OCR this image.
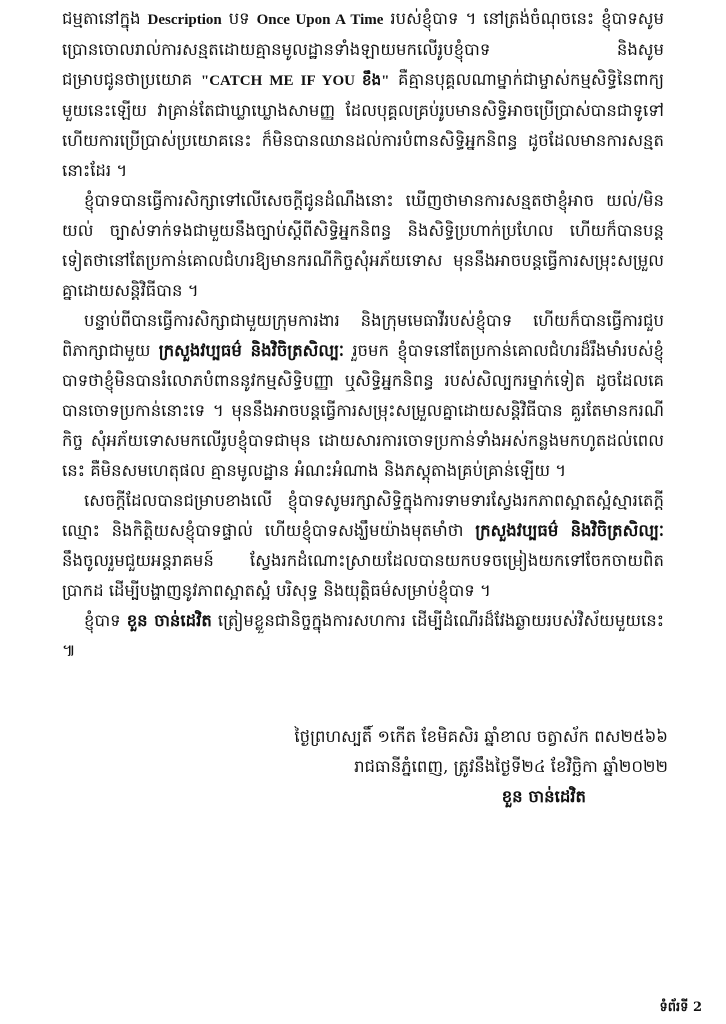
ជម្មតានៅក្នុង Description បទ Once Upon A Time របស់ខ្ញុំបាទ ។ នៅត្រង់ចំណុចនេះ ខ្ញុំបាទសូមប្រោនចោលរាល់ការសន្មតដោយគ្មានមូលដ្ឋានទាំងឡាយមកលើរូបខ្ញុំបាទ និងសូមជម្រាបជូនថាប្រយោគ "CATCH ME IF YOU ខឹង" គឺគ្មានបុគ្គលណាម្នាក់ជាម្ចាស់កម្មសិទ្ធិនៃពាក្យមួយនេះឡើយ វាគ្រាន់តែជាឃ្លាឃ្លោងសាមញ្ញ ដែលបុគ្គលគ្រប់រូបមានសិទ្ធិអាចប្រើប្រាស់បានជាទូទៅ ហើយការប្រើប្រាស់ប្រយោគនេះ ក៏មិនបានឈានដល់ការបំពានសិទ្ធិអ្នកនិពន្ធ ដូចដែលមានការសន្មតនោះដែរ ។

ខ្ញុំបាទបានធ្វើការសិក្សាទៅលើសេចក្តីជូនដំណឹងនោះ ឃើញថាមានការសន្មតថាខ្ញុំអាច យល់/មិនយល់ ច្បាស់ទាក់ទងជាមួយនឹងច្បាប់ស្តីពីសិទ្ធិអ្នកនិពន្ធ និងសិទ្ធិប្រហាក់ប្រហែល ហើយក៏បានបន្តទៀតថានៅតែប្រកាន់គោលជំហរឱ្យមានករណីកិច្ចសុំអភ័យទោស មុននឹងអាចបន្តធ្វើការសម្រុះសម្រួលគ្នាដោយសន្តិវិធីបាន ។

បន្ទាប់ពីបានធ្វើការសិក្សាជាមួយក្រុមការងារ និងក្រុមមេធាវីរបស់ខ្ញុំបាទ ហើយក៏បានធ្វើការជួបពិភាក្សាជាមួយ ក្រសួងវប្បធម៌ និងវិចិត្រសិល្បៈ រួចមក ខ្ញុំបាទនៅតែប្រកាន់គោលជំហរដ៏រឹងមាំរបស់ខ្ញុំបាទថាខ្ញុំមិនបានរំលោភបំពាននូវកម្មសិទ្ធិបញ្ញា ឬសិទ្ធិអ្នកនិពន្ធ របស់សិល្បករម្នាក់ទៀត ដូចដែលគេបានចោទប្រកាន់នោះទេ ។ មុននឹងអាចបន្តធ្វើការសម្រុះសម្រួលគ្នាដោយសន្តិវិធីបាន គួរតែមានករណីកិច្ច សុំអភ័យទោសមកលើរូបខ្ញុំបាទជាមុន ដោយសារការចោទប្រកាន់ទាំងអស់កន្លងមកហូតដល់ពេលនេះ គឺមិនសមហេតុផល គ្មានមូលដ្ឋាន អំណះអំណាង និងភស្តុតាងគ្រប់គ្រាន់ឡើយ ។

សេចក្តីដែលបានជម្រាបខាងលើ ខ្ញុំបាទសូមរក្សាសិទ្ធិក្នុងការទាមទារស្វែងរកភាពស្អាតស្អំស្មារតេក្តីឈ្មោះ និងកិត្តិយសខ្ញុំបាទផ្ទាល់ ហើយខ្ញុំបាទសង្ឃឹមយ៉ាងមុតមាំថា ក្រសួងវប្បធម៌ និងវិចិត្រសិល្បៈ នឹងចូលរួមជួយអន្តរាគមន៍ ស្វែងរកដំណោះស្រាយដែលបានយកបទចម្រៀងយកទៅចែកចាយពិតប្រាកដ ដើម្បីបង្ហាញនូវភាពស្អាតស្អំ បរិសុទ្ធ និងយុត្តិធម៌សម្រាប់ខ្ញុំបាទ ។

ខ្ញុំបាទ ខួន ចាន់ដេវិត ត្រៀមខ្លួនជានិច្ចក្នុងការសហការ ដើម្បីដំណើរដ៏វែងឆ្ងាយរបស់វិស័យមួយនេះ ៕

ថ្ងៃព្រហស្បតិ៍ ១កើត ខែមិគសិរ ឆ្នាំខាល ចត្វាស័ក ពស២៥៦៦
រាជធានីភ្នំពេញ, ត្រូវនឹងថ្ងៃទី២៤ ខែវិច្ឆិកា ឆ្នាំ២០២២
ខួន ចាន់ដេវិត
ទំព័រទី 2
